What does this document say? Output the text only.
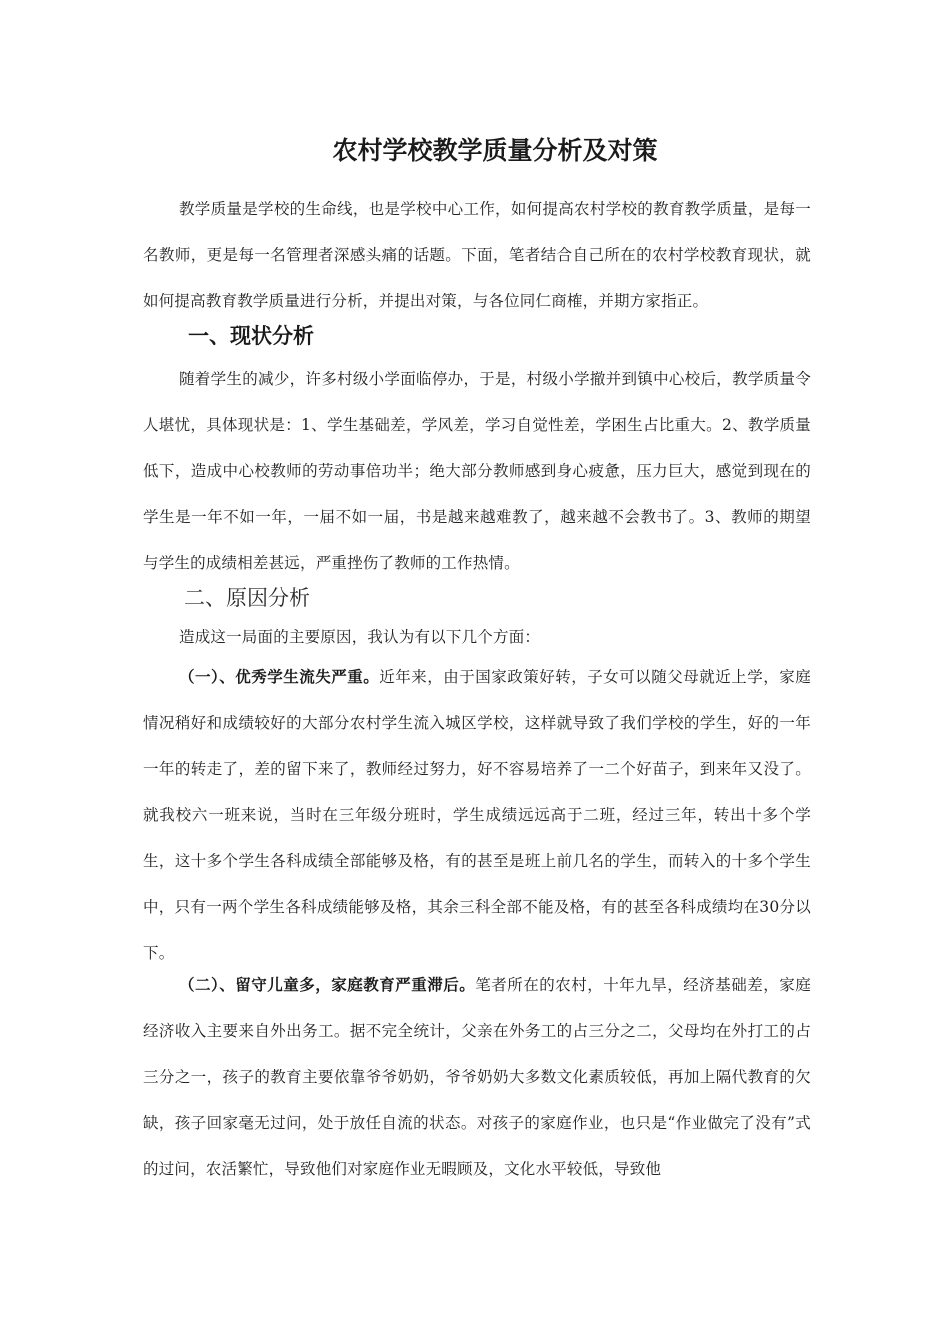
农村学校教学质量分析及对策

教学质量是学校的生命线，也是学校中心工作，如何提高农村学校的教育教学质量，是每一名教师，更是每一名管理者深感头痛的话题。下面，笔者结合自己所在的农村学校教育现状，就如何提高教育教学质量进行分析，并提出对策，与各位同仁商榷，并期方家指正。

一、现状分析

随着学生的减少，许多村级小学面临停办，于是，村级小学撤并到镇中心校后，教学质量令人堪忧，具体现状是：1、学生基础差，学风差，学习自觉性差，学困生占比重大。2、教学质量低下，造成中心校教师的劳动事倍功半；绝大部分教师感到身心疲惫，压力巨大，感觉到现在的学生是一年不如一年，一届不如一届，书是越来越难教了，越来越不会教书了。3、教师的期望与学生的成绩相差甚远，严重挫伤了教师的工作热情。

二、原因分析

造成这一局面的主要原因，我认为有以下几个方面：

（一）、优秀学生流失严重。近年来，由于国家政策好转，子女可以随父母就近上学，家庭情况稍好和成绩较好的大部分农村学生流入城区学校，这样就导致了我们学校的学生，好的一年一年的转走了，差的留下来了，教师经过努力，好不容易培养了一二个好苗子，到来年又没了。就我校六一班来说，当时在三年级分班时，学生成绩远远高于二班，经过三年，转出十多个学生，这十多个学生各科成绩全部能够及格，有的甚至是班上前几名的学生，而转入的十多个学生中，只有一两个学生各科成绩能够及格，其余三科全部不能及格，有的甚至各科成绩均在30分以下。

（二）、留守儿童多，家庭教育严重滞后。笔者所在的农村，十年九旱，经济基础差，家庭经济收入主要来自外出务工。据不完全统计，父亲在外务工的占三分之二，父母均在外打工的占三分之一，孩子的教育主要依靠爷爷奶奶，爷爷奶奶大多数文化素质较低，再加上隔代教育的欠缺，孩子回家毫无过问，处于放任自流的状态。对孩子的家庭作业，也只是“作业做完了没有”式的过问，农活繁忙，导致他们对家庭作业无暇顾及，文化水平较低，导致他
